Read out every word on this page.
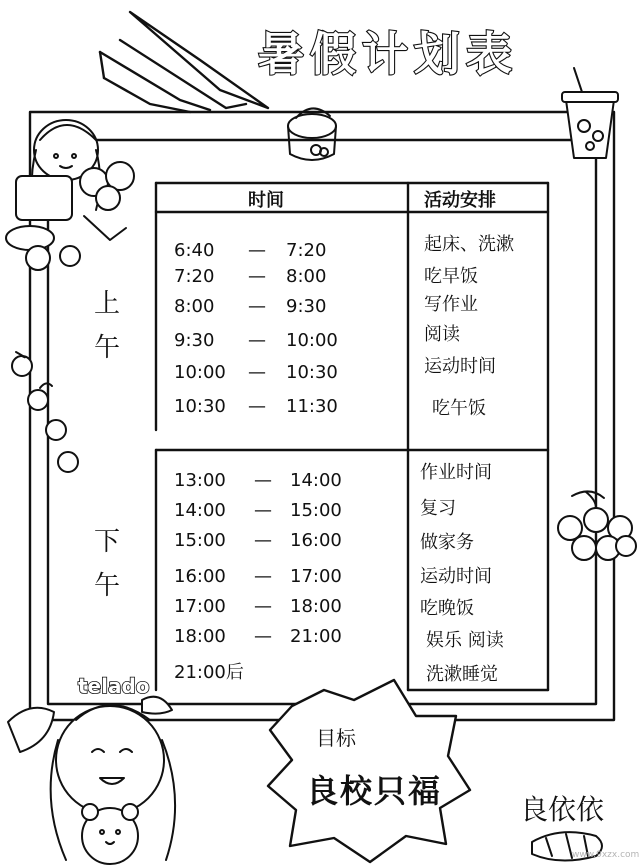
暑假计划表
时间	活动安排
上
午
下
午
6:40 — 7:20
7:20 — 8:00
8:00 — 9:30
9:30 — 10:00
10:00 — 10:30
10:30 — 11:30
起床、洗漱
吃早饭
写作业
阅读
运动时间
吃午饭
13:00 — 14:00
14:00 — 15:00
15:00 — 16:00
16:00 — 17:00
17:00 — 18:00
18:00 — 21:00
21:00后
作业时间
复习
做家务
运动时间
吃晚饭
娱乐 阅读
洗漱睡觉
telado
目标
良校只福	良依依
www.9xzx.com
